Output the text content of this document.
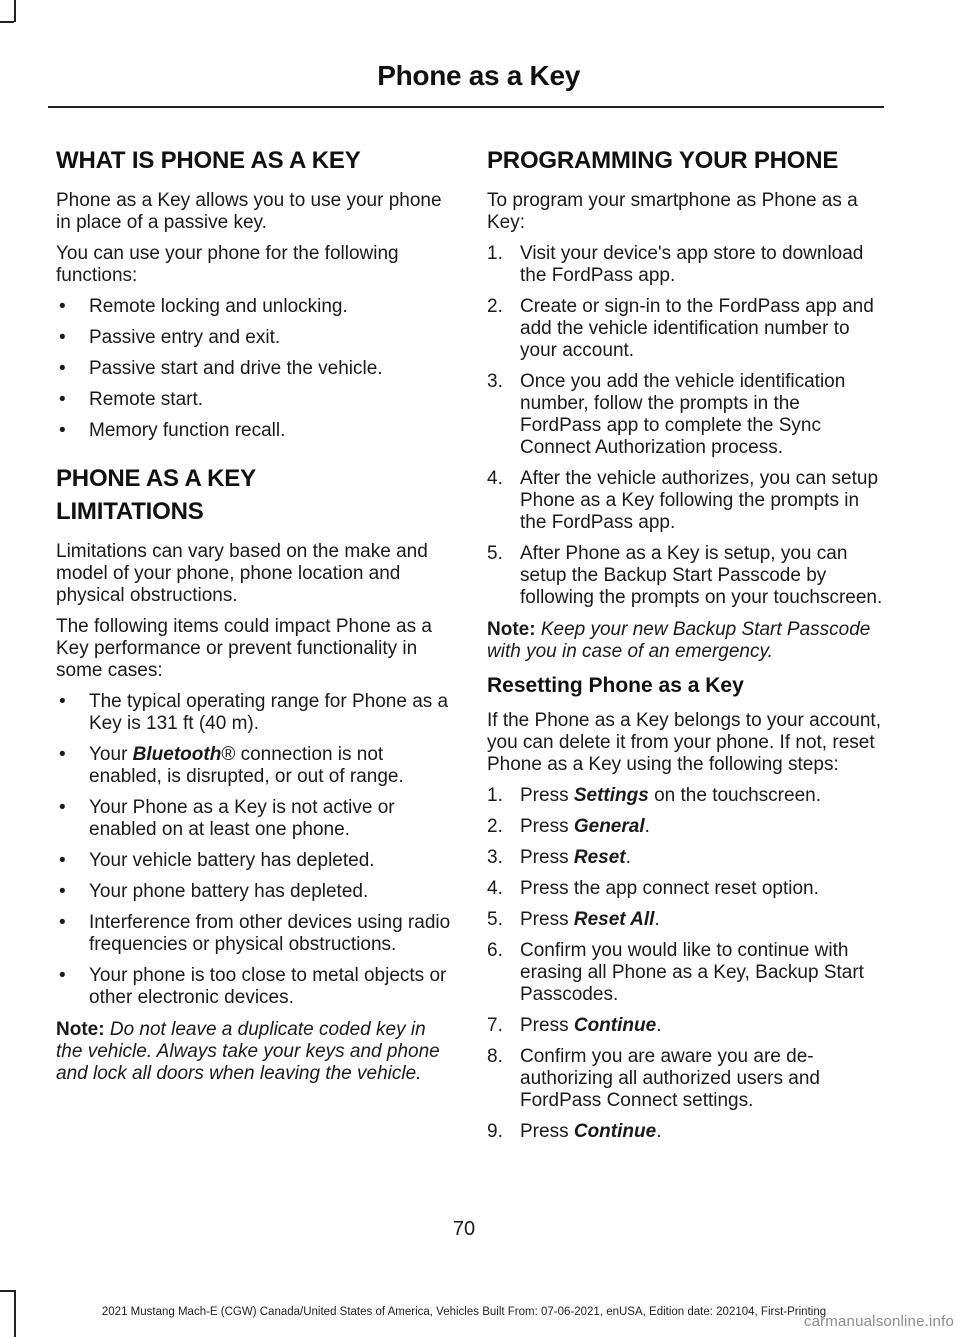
Phone as a Key
WHAT IS PHONE AS A KEY

Phone as a Key allows you to use your phone in place of a passive key.

You can use your phone for the following functions:

• Remote locking and unlocking.
• Passive entry and exit.
• Passive start and drive the vehicle.
• Remote start.
• Memory function recall.
PHONE AS A KEY
LIMITATIONS

Limitations can vary based on the make and model of your phone, phone location and physical obstructions.

The following items could impact Phone as a Key performance or prevent functionality in some cases:

• The typical operating range for Phone as a Key is 131 ft (40 m).
• Your Bluetooth® connection is not enabled, is disrupted, or out of range.
• Your Phone as a Key is not active or enabled on at least one phone.
• Your vehicle battery has depleted.
• Your phone battery has depleted.
• Interference from other devices using radio frequencies or physical obstructions.
• Your phone is too close to metal objects or other electronic devices.

Note: Do not leave a duplicate coded key in the vehicle. Always take your keys and phone and lock all doors when leaving the vehicle.

PROGRAMMING YOUR PHONE

To program your smartphone as Phone as a Key:

1. Visit your device's app store to download the FordPass app.
2. Create or sign-in to the FordPass app and add the vehicle identification number to your account.
3. Once you add the vehicle identification number, follow the prompts in the FordPass app to complete the Sync Connect Authorization process.
4. After the vehicle authorizes, you can setup Phone as a Key following the prompts in the FordPass app.
5. After Phone as a Key is setup, you can setup the Backup Start Passcode by following the prompts on your touchscreen.

Note: Keep your new Backup Start Passcode with you in case of an emergency.

Resetting Phone as a Key

If the Phone as a Key belongs to your account, you can delete it from your phone. If not, reset Phone as a Key using the following steps:

1. Press Settings on the touchscreen.
2. Press General.
3. Press Reset.
4. Press the app connect reset option.
5. Press Reset All.
6. Confirm you would like to continue with erasing all Phone as a Key, Backup Start Passcodes.
7. Press Continue.
8. Confirm you are aware you are de-authorizing all authorized users and FordPass Connect settings.
9. Press Continue.
70
2021 Mustang Mach-E (CGW) Canada/United States of America, Vehicles Built From: 07-06-2021, enUSA, Edition date: 202104, First-Printing
carmanualsonline.info
